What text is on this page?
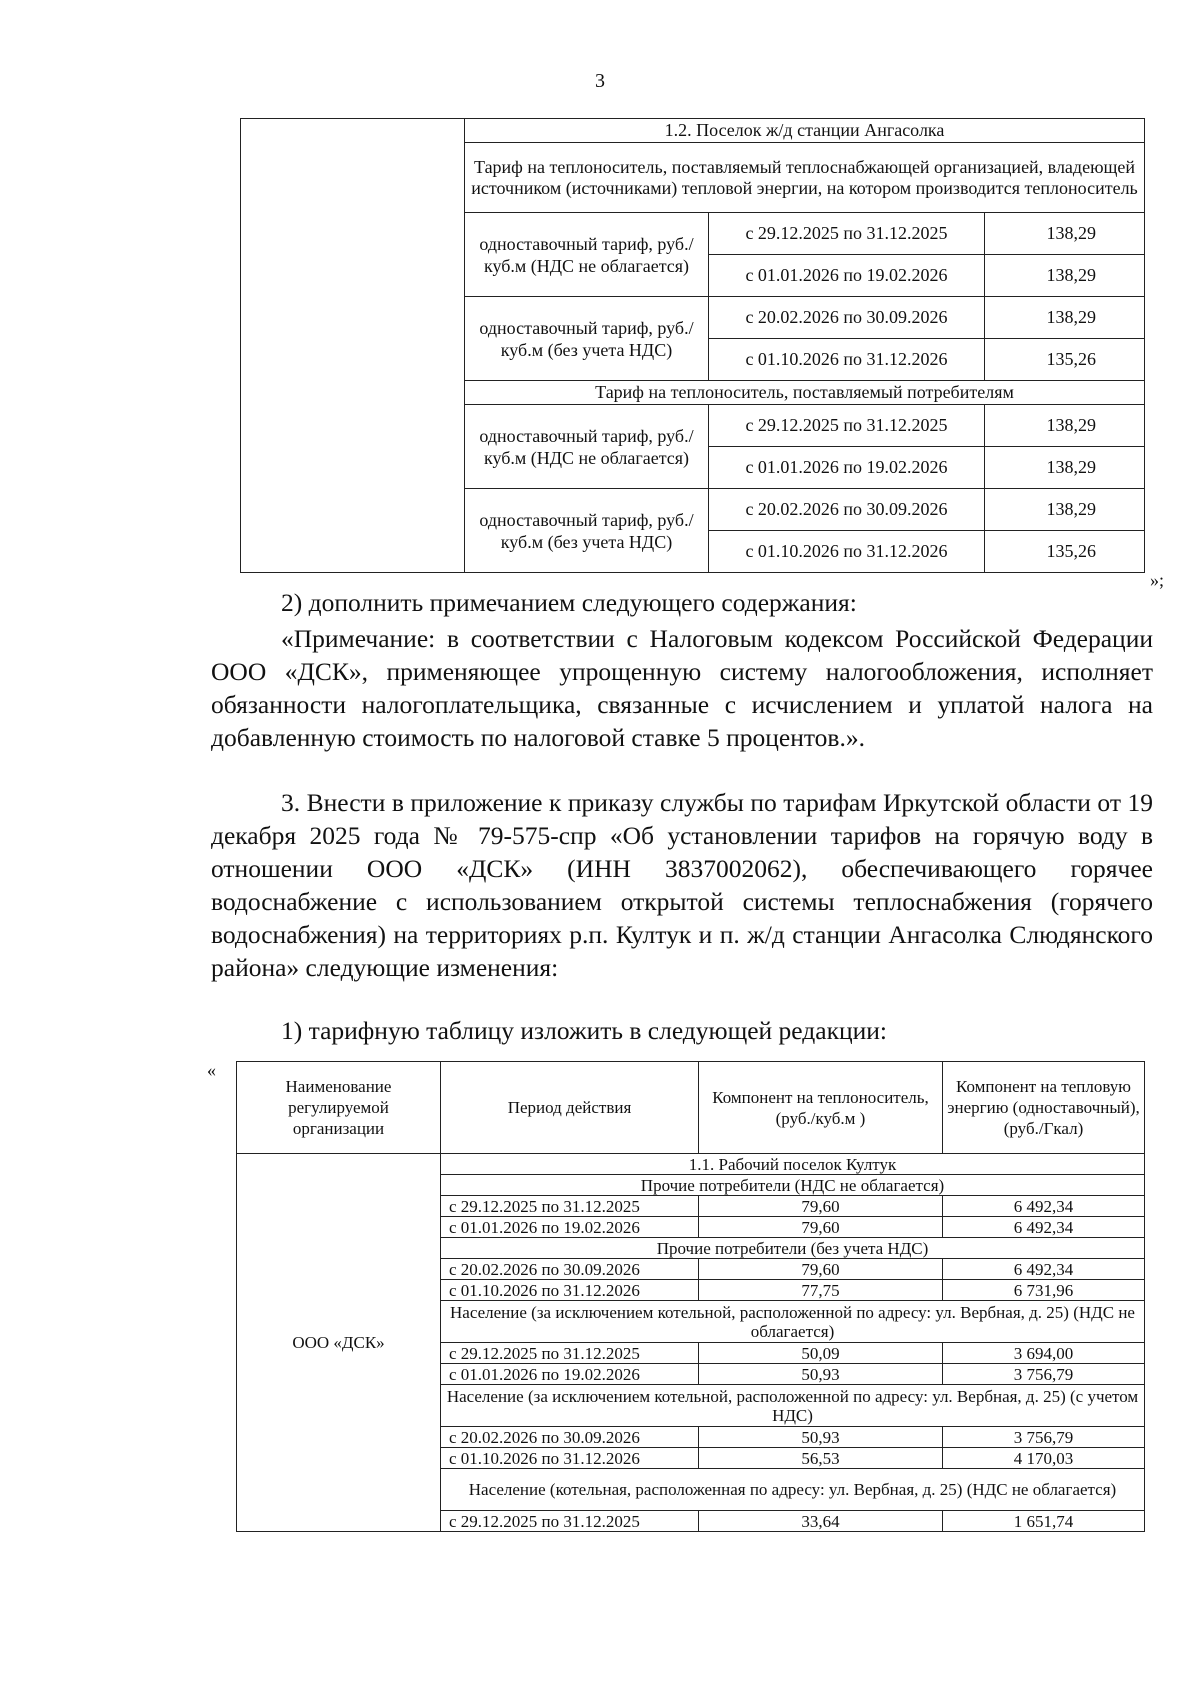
3
	1.2. Поселок ж/д станции Ангасолка		
	Тариф на теплоноситель, поставляемый теплоснабжающей организацией, владеющей источником (источниками) тепловой энергии, на котором производится теплоноситель		
	одноставочный тариф, руб./куб.м (НДС не облагается)	с 29.12.2025 по 31.12.2025	138,29
		с 01.01.2026 по 19.02.2026	138,29
	одноставочный тариф, руб./куб.м (без учета НДС)	с 20.02.2026 по 30.09.2026	138,29
		с 01.10.2026 по 31.12.2026	135,26
	Тариф на теплоноситель, поставляемый потребителям		
	одноставочный тариф, руб./куб.м (НДС не облагается)	с 29.12.2025 по 31.12.2025	138,29
		с 01.01.2026 по 19.02.2026	138,29
	одноставочный тариф, руб./куб.м (без учета НДС)	с 20.02.2026 по 30.09.2026	138,29
		с 01.10.2026 по 31.12.2026	135,26
»;
2) дополнить примечанием следующего содержания:
«Примечание: в соответствии с Налоговым кодексом Российской Федерации ООО «ДСК», применяющее упрощенную систему налогообложения, исполняет обязанности налогоплательщика, связанные с исчислением и уплатой налога на добавленную стоимость по налоговой ставке 5 процентов.».
3. Внести в приложение к приказу службы по тарифам Иркутской области от 19 декабря 2025 года № 79-575-спр «Об установлении тарифов на горячую воду в отношении ООО «ДСК» (ИНН 3837002062), обеспечивающего горячее водоснабжение с использованием открытой системы теплоснабжения (горячего водоснабжения) на территориях р.п. Култук и п. ж/д станции Ангасолка Слюдянского района» следующие изменения:
1) тарифную таблицу изложить в следующей редакции:
«
Наименование регулируемой организации	Период действия	Компонент на теплоноситель, (руб./куб.м )	Компонент на тепловую энергию (одноставочный), (руб./Гкал)
ООО «ДСК»	1.1. Рабочий поселок Култук		
	Прочие потребители (НДС не облагается)		
	с 29.12.2025 по 31.12.2025	79,60	6 492,34
	с 01.01.2026 по 19.02.2026	79,60	6 492,34
	Прочие потребители (без учета НДС)		
	с 20.02.2026 по 30.09.2026	79,60	6 492,34
	с 01.10.2026 по 31.12.2026	77,75	6 731,96
	Население (за исключением котельной, расположенной по адресу: ул. Вербная, д. 25) (НДС не облагается)		
	с 29.12.2025 по 31.12.2025	50,09	3 694,00
	с 01.01.2026 по 19.02.2026	50,93	3 756,79
	Население (за исключением котельной, расположенной по адресу: ул. Вербная, д. 25) (с учетом НДС)		
	с 20.02.2026 по 30.09.2026	50,93	3 756,79
	с 01.10.2026 по 31.12.2026	56,53	4 170,03
	Население (котельная, расположенная по адресу: ул. Вербная, д. 25) (НДС не облагается)		
	с 29.12.2025 по 31.12.2025	33,64	1 651,74
